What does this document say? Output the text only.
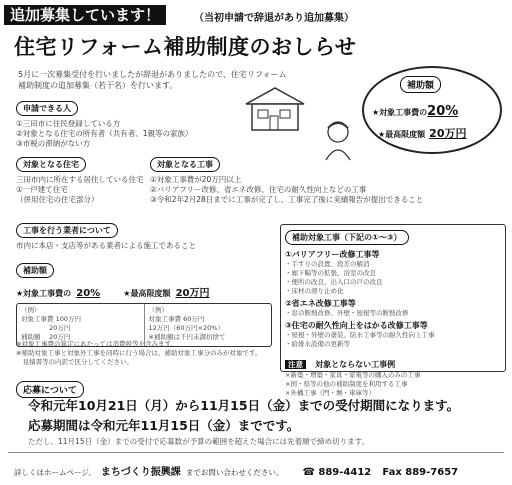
追加募集しています！	（当初申請で辞退があり追加募集）
住宅リフォーム補助制度のおしらせ
5月に一次募集受付を行いましたが辞退がありましたので、住宅リフォーム
補助制度の追加募集（若干名）を行います。	補助額
★対象工事費の20%
★最高限度額 20万円
申請できる人
①三田市に住民登録している方
②対象となる住宅の所有者（共有者、1親等の家族）
③市税の滞納がない方
対象となる住宅
三田市内に所在する居住している住宅
①一戸建て住宅
（併用住宅の住宅部分）
対象となる工事
①対象工事費が20万円以上
②バリアフリー改修、省エネ改修、住宅の耐久性向上などの工事
③令和2年2月28日までに工事が完了し、工事完了後に実績報告が提出できること
工事を行う業者について
市内に本店・支店等がある業者による施工であること
補助額
★対象工事費の 20%	★最高限度額 20万円
（例）
対象工事費 100万円
　　　　 20万円
補助額　 20万円
（例）
対象工事費 60万円
12万円（60万円×20%）
※補助額は千円未満切捨て
※対象工事費の算定にあたっては消費税等を含みます。
※補助対象工事と対象外工事を同時に行う場合は、補助対象工事分のみが対象です。
　見積書等の内訳で区分してください。
補助対象工事（下記の①～③）
①バリアフリー改修工事等
・手すりの設置、段差の解消
・廊下幅等の拡張、浴室の改良
・便所の改良、出入口の戸の改良
・床材の滑り止め化
②省エネ改修工事等
・窓の断熱改修、外壁・屋根等の断熱改修
③住宅の耐久性向上をはかる改修工事等
・屋根・外壁の塗装、防水工事等の耐久性向上工事
・給排水設備の更新等
注意 対象とならない工事例
×新築・増築・家具・家電等の購入のみの工事
×国・県等の他の補助制度を利用する工事
×外構工事（門・塀・車庫等）
応募について
令和元年10月21日（月）から11月15日（金）までの受付期間になります。
応募期間は令和元年11月15日（金）までです。
ただし、11月15日（金）までの受付で応募数が予算の範囲を超えた場合には先着順で締め切ります。
詳しくはホームページ、 まちづくり振興課 までお問い合わせください。 ☎ 889-4412 Fax 889-7657
